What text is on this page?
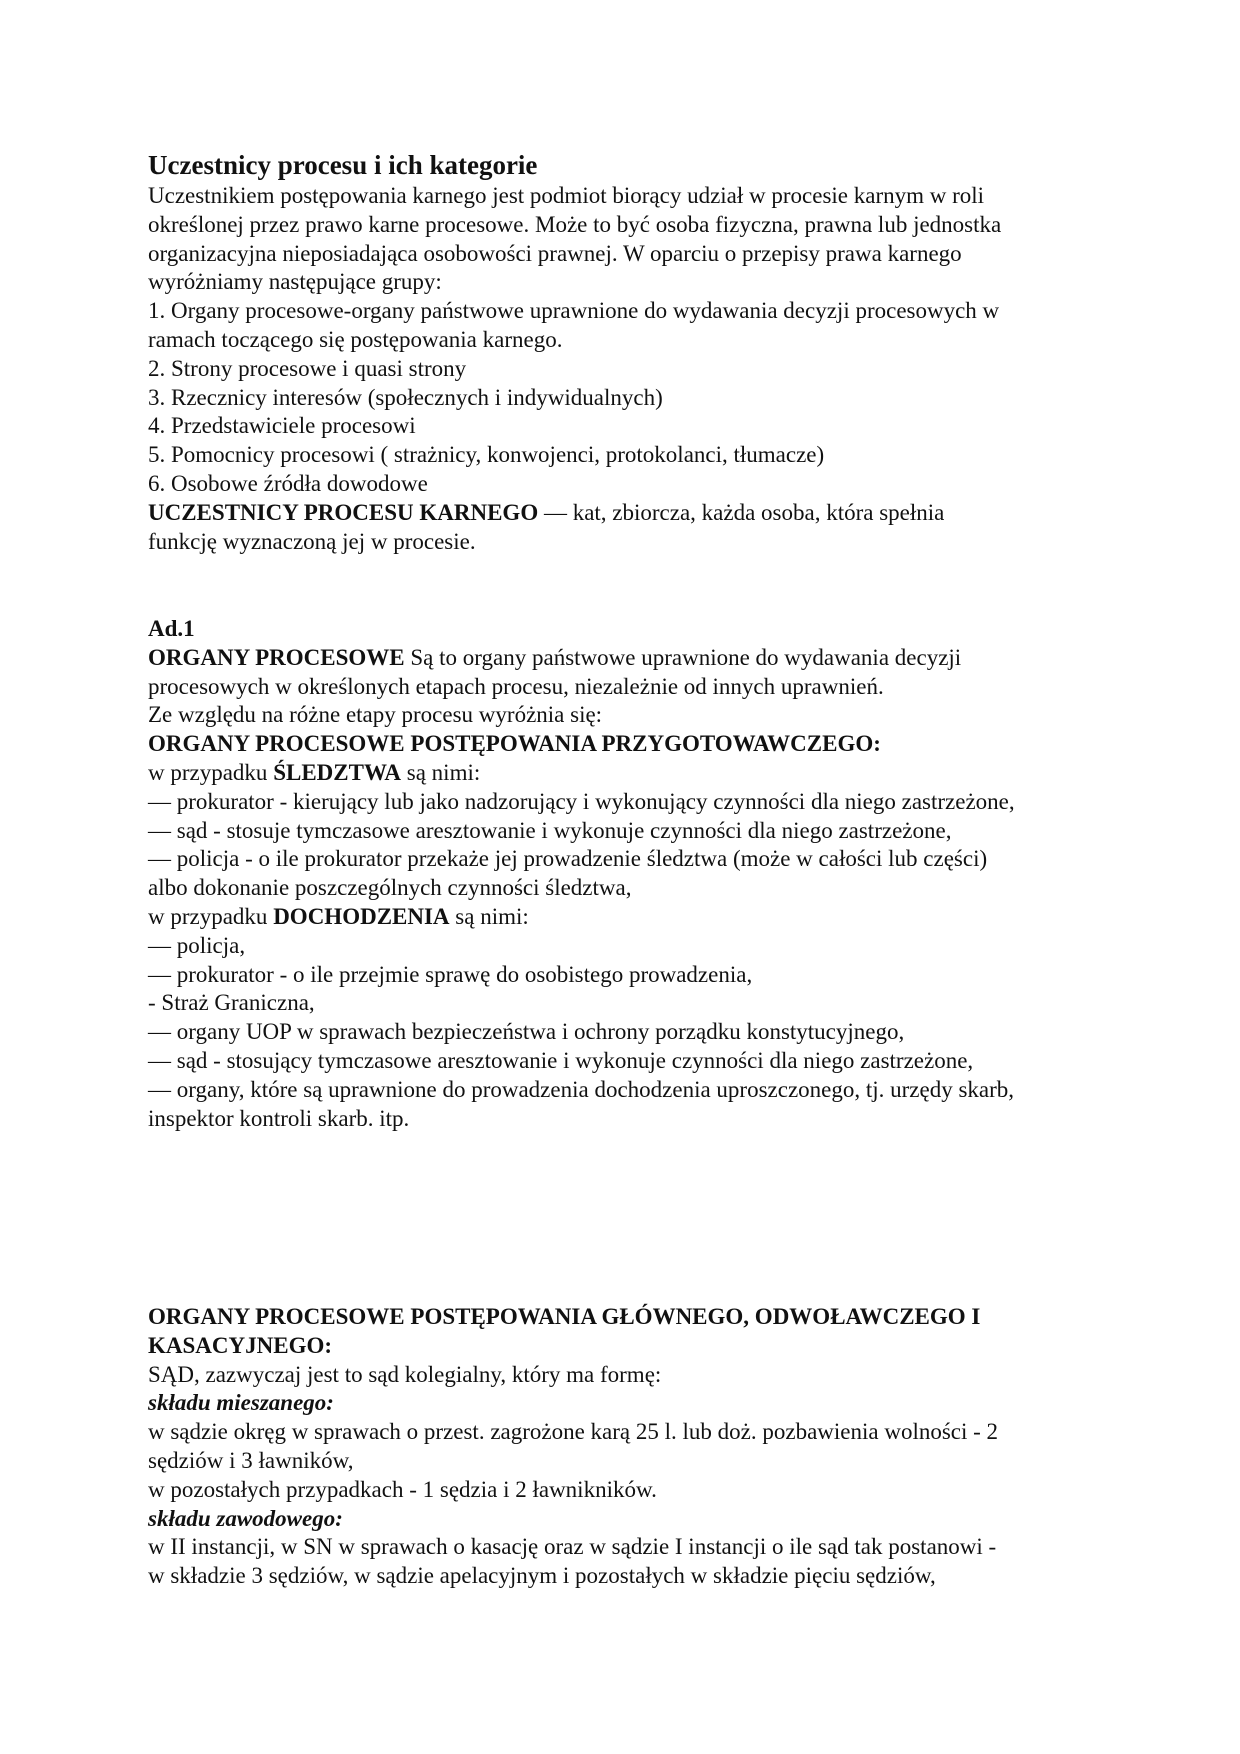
Uczestnicy procesu i ich kategorie
Uczestnikiem postępowania karnego jest podmiot biorący udział w procesie karnym w roli
określonej przez prawo karne procesowe. Może to być osoba fizyczna, prawna lub jednostka
organizacyjna nieposiadająca osobowości prawnej. W oparciu o przepisy prawa karnego
wyróżniamy następujące grupy:
1. Organy procesowe-organy państwowe uprawnione do wydawania decyzji procesowych w
ramach toczącego się postępowania karnego.
2. Strony procesowe i quasi strony
3. Rzecznicy interesów (społecznych i indywidualnych)
4. Przedstawiciele procesowi
5. Pomocnicy procesowi ( strażnicy, konwojenci, protokolanci, tłumacze)
6. Osobowe źródła dowodowe
UCZESTNICY PROCESU KARNEGO — kat, zbiorcza, każda osoba, która spełnia
funkcję wyznaczoną jej w procesie.
Ad.1
ORGANY PROCESOWE Są to organy państwowe uprawnione do wydawania decyzji
procesowych w określonych etapach procesu, niezależnie od innych uprawnień.
Ze względu na różne etapy procesu wyróżnia się:
ORGANY PROCESOWE POSTĘPOWANIA PRZYGOTOWAWCZEGO:
w przypadku ŚLEDZTWA są nimi:
— prokurator - kierujący lub jako nadzorujący i wykonujący czynności dla niego zastrzeżone,
— sąd - stosuje tymczasowe aresztowanie i wykonuje czynności dla niego zastrzeżone,
— policja - o ile prokurator przekaże jej prowadzenie śledztwa (może w całości lub części)
albo dokonanie poszczególnych czynności śledztwa,
w przypadku DOCHODZENIA są nimi:
— policja,
— prokurator - o ile przejmie sprawę do osobistego prowadzenia,
- Straż Graniczna,
— organy UOP w sprawach bezpieczeństwa i ochrony porządku konstytucyjnego,
— sąd - stosujący tymczasowe aresztowanie i wykonuje czynności dla niego zastrzeżone,
— organy, które są uprawnione do prowadzenia dochodzenia uproszczonego, tj. urzędy skarb,
inspektor kontroli skarb. itp.
ORGANY PROCESOWE POSTĘPOWANIA GŁÓWNEGO, ODWOŁAWCZEGO I
KASACYJNEGO:
SĄD, zazwyczaj jest to sąd kolegialny, który ma formę:
składu mieszanego:
w sądzie okręg w sprawach o przest. zagrożone karą 25 l. lub doż. pozbawienia wolności - 2
sędziów i 3 ławników,
w pozostałych przypadkach - 1 sędzia i 2 ławnikników.
składu zawodowego:
w II instancji, w SN w sprawach o kasację oraz w sądzie I instancji o ile sąd tak postanowi -
w składzie 3 sędziów, w sądzie apelacyjnym i pozostałych w składzie pięciu sędziów,
